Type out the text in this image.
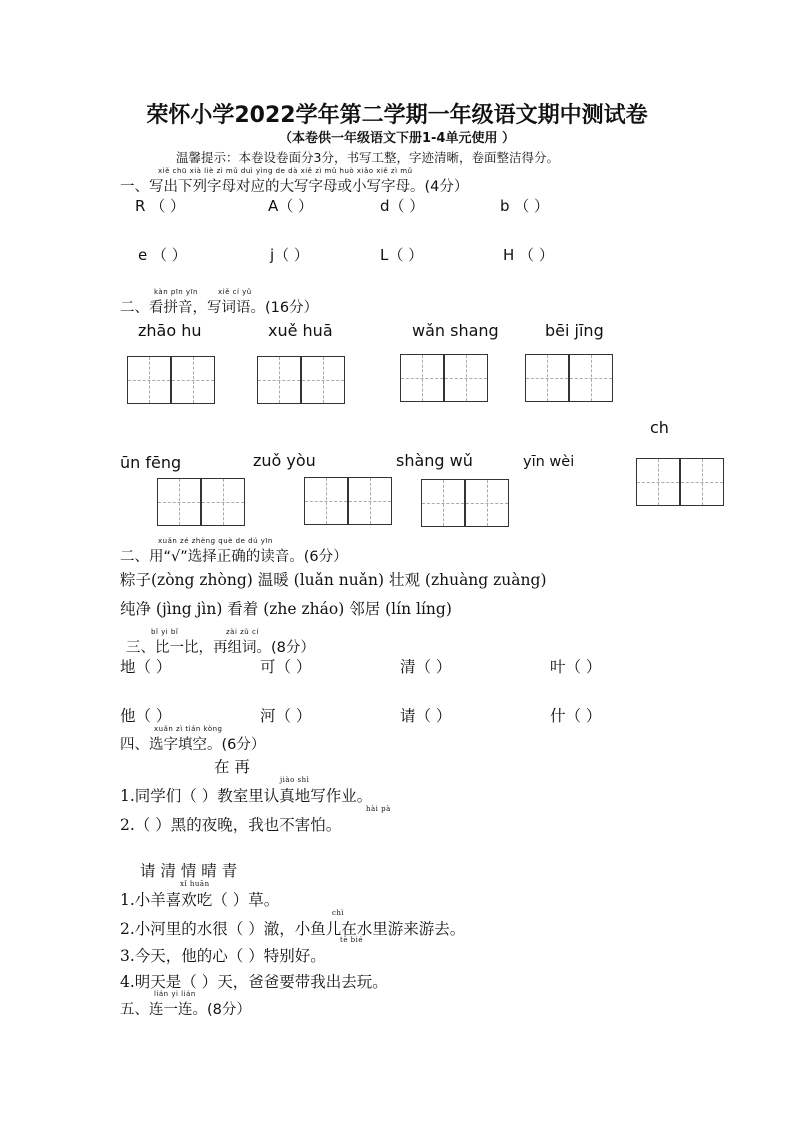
荣怀小学2022学年第二学期一年级语文期中测试卷
（本卷供一年级语文下册1-4单元使用 ）
温馨提示：本卷设卷面分3分，书写工整，字迹清晰，卷面整洁得分。
xiě chū xià liè zì mǔ duì yìng de dà xiě zì mǔ huò xiǎo xiě zì mǔ
一、写出下列字母对应的大写字母或小写字母。(4分）
R （ ）	A（ ）	d（ ）	b （ ）
e （ ）	j（ ）	L（ ）	H （ ）
kàn pīn yīn	xiě cí yǔ
二、看拼音，写词语。(16分）
zhāo hu	xuě huā	wǎn shang	bēi jīng
ch
ūn fēng	zuǒ yòu	shàng wǔ	yīn wèi
xuǎn zé zhèng què de dú yīn
二、用“√”选择正确的读音。(6分）
粽子(zòng zhòng) 温暖 (luǎn nuǎn) 壮观 (zhuàng zuàng)
纯净 (jìng jìn) 看着 (zhe zháo) 邻居 (lín líng)
bǐ yi bǐ	zài zǔ cí
三、比一比，再组词。(8分）
地（ ）	可（ ）	清（ ）	叶（ ）
他（ ）	河（ ）	请（ ）	什（ ）
xuǎn zì tián kòng
四、选字填空。(6分）
在 再
jiào shì
1.同学们（ ）教室里认真地写作业。
hài pà
2.（ ）黑的夜晚，我也不害怕。
请 清 情 晴 青
xǐ huān
1.小羊喜欢吃（ ）草。
chì
2.小河里的水很（ ）澈，小鱼儿在水里游来游去。
tè bié
3.今天，他的心（ ）特别好。
4.明天是（ ）天，爸爸要带我出去玩。
lián yi lián
五、连一连。(8分）
